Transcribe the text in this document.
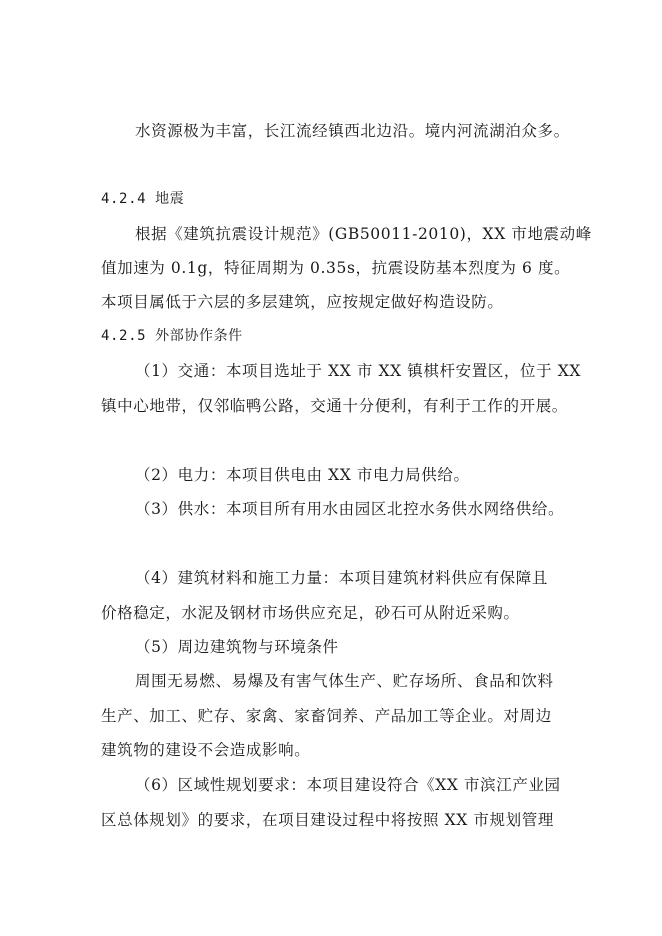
水资源极为丰富，长江流经镇西北边沿。境内河流湖泊众多。
4.2.4 地震
根据《建筑抗震设计规范》(GB50011-2010)，XX 市地震动峰
值加速为 0.1g，特征周期为 0.35s，抗震设防基本烈度为 6 度。
本项目属低于六层的多层建筑，应按规定做好构造设防。
4.2.5 外部协作条件
（1）交通：本项目选址于 XX 市 XX 镇棋杆安置区，位于 XX
镇中心地带，仅邻临鸭公路，交通十分便利，有利于工作的开展。
（2）电力：本项目供电由 XX 市电力局供给。
（3）供水：本项目所有用水由园区北控水务供水网络供给。
（4）建筑材料和施工力量：本项目建筑材料供应有保障且
价格稳定，水泥及钢材市场供应充足，砂石可从附近采购。
（5）周边建筑物与环境条件
周围无易燃、易爆及有害气体生产、贮存场所、食品和饮料
生产、加工、贮存、家禽、家畜饲养、产品加工等企业。对周边
建筑物的建设不会造成影响。
（6）区域性规划要求：本项目建设符合《XX 市滨江产业园
区总体规划》的要求，在项目建设过程中将按照 XX 市规划管理
